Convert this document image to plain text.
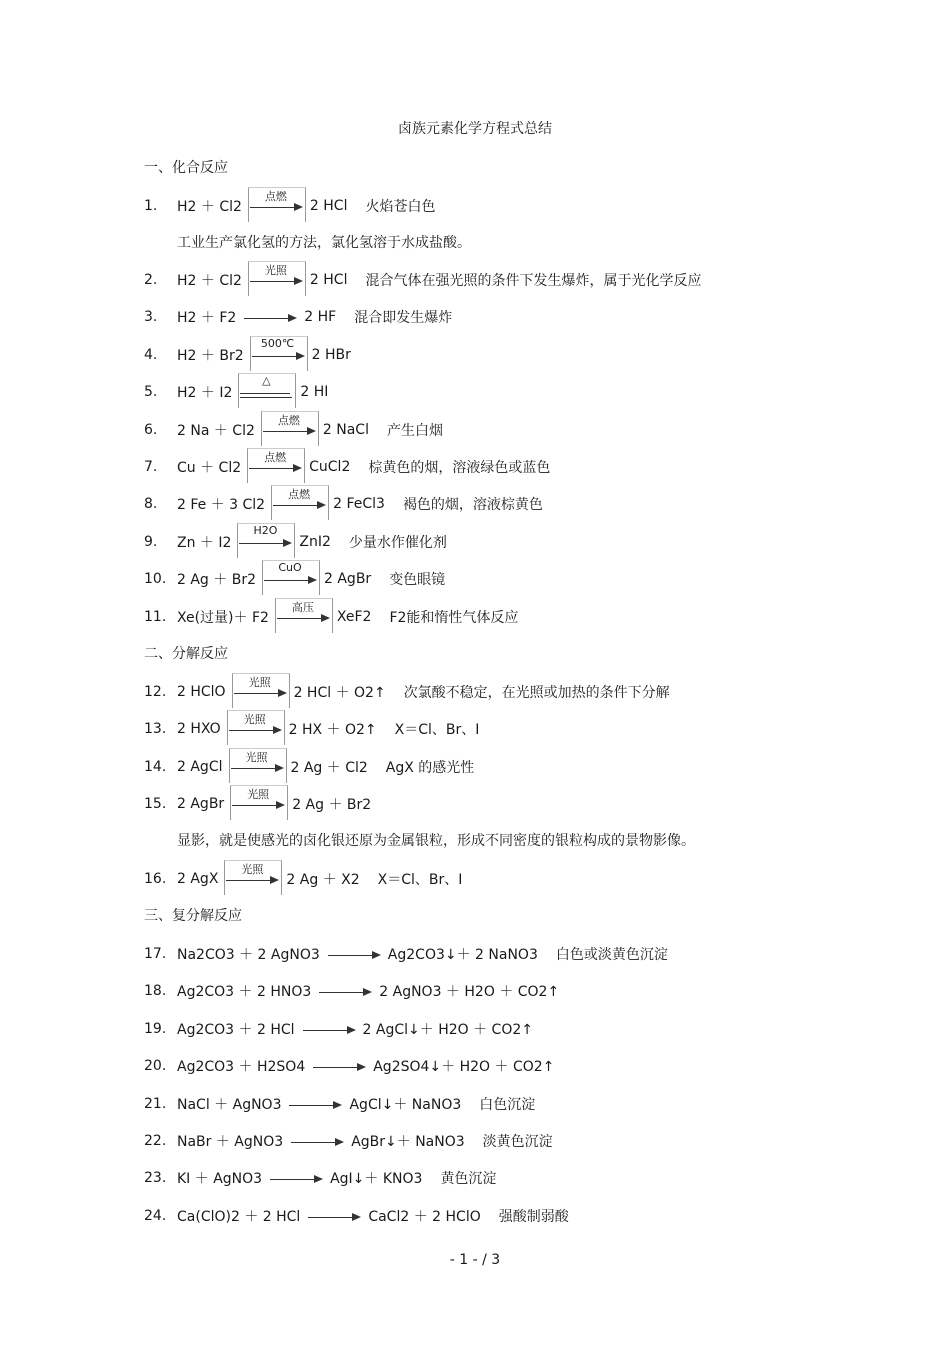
卤族元素化学方程式总结
一、化合反应
1.	H2 ＋ Cl2
点燃
2 HCl 火焰苍白色
工业生产氯化氢的方法，氯化氢溶于水成盐酸。
2.	H2 ＋ Cl2
光照
2 HCl 混合气体在强光照的条件下发生爆炸，属于光化学反应
3.	H2 ＋ F2	2 HF 混合即发生爆炸
4.	H2 ＋ Br2
500℃
2 HBr
5.	H2 ＋ I2
△
2 HI
6.	2 Na ＋ Cl2
点燃
2 NaCl 产生白烟
7.	Cu ＋ Cl2
点燃
CuCl2 棕黄色的烟，溶液绿色或蓝色
8.	2 Fe ＋ 3 Cl2
点燃
2 FeCl3 褐色的烟，溶液棕黄色
9.	Zn ＋ I2
H2O
ZnI2 少量水作催化剂
10. 2 Ag ＋ Br2
CuO
2 AgBr 变色眼镜
11. Xe(过量)＋ F2
高压
XeF2 F2能和惰性气体反应
二、分解反应
12. 2 HClO
光照
2 HCl ＋ O2↑ 次氯酸不稳定，在光照或加热的条件下分解
13. 2 HXO
光照
2 HX ＋ O2↑ X＝Cl、Br、I
14. 2 AgCl
光照
2 Ag ＋ Cl2 AgX 的感光性
15. 2 AgBr
光照
2 Ag ＋ Br2
显影，就是使感光的卤化银还原为金属银粒，形成不同密度的银粒构成的景物影像。
16. 2 AgX
光照
2 Ag ＋ X2 X＝Cl、Br、I
三、复分解反应
17. Na2CO3 ＋ 2 AgNO3	Ag2CO3↓＋ 2 NaNO3 白色或淡黄色沉淀
18. Ag2CO3 ＋ 2 HNO3	2 AgNO3 ＋ H2O ＋ CO2↑
19. Ag2CO3 ＋ 2 HCl	2 AgCl↓＋ H2O ＋ CO2↑
20. Ag2CO3 ＋ H2SO4	Ag2SO4↓＋ H2O ＋ CO2↑
21. NaCl ＋ AgNO3	AgCl↓＋ NaNO3 白色沉淀
22. NaBr ＋ AgNO3	AgBr↓＋ NaNO3 淡黄色沉淀
23. KI ＋ AgNO3	AgI↓＋ KNO3 黄色沉淀
24. Ca(ClO)2 ＋ 2 HCl	CaCl2 ＋ 2 HClO 强酸制弱酸
- 1 - / 3
